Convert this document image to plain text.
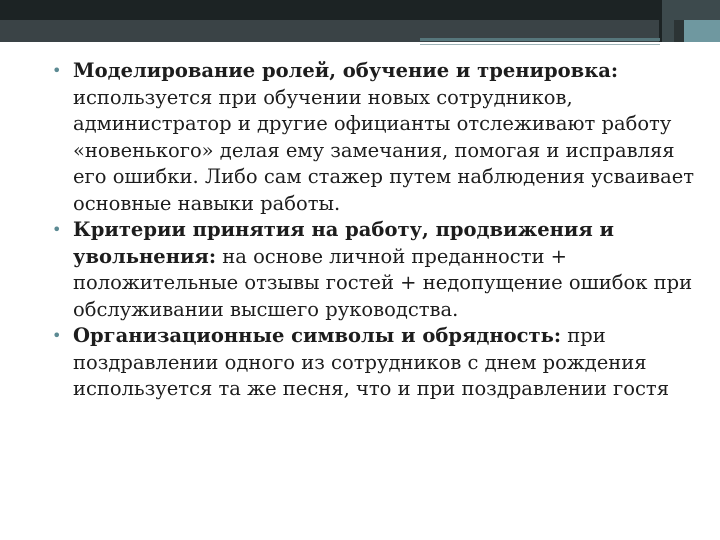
• Моделирование ролей, обучение и тренировка: используется при обучении новых сотрудников, администратор и другие официанты отслеживают работу «новенького» делая ему замечания, помогая и исправляя его ошибки. Либо сам стажер путем наблюдения усваивает основные навыки работы.

• Критерии принятия на работу, продвижения и увольнения: на основе личной преданности + положительные отзывы гостей + недопущение ошибок при обслуживании высшего руководства.

• Организационные символы и обрядность: при поздравлении одного из сотрудников с днем рождения используется та же песня, что и при поздравлении гостя
